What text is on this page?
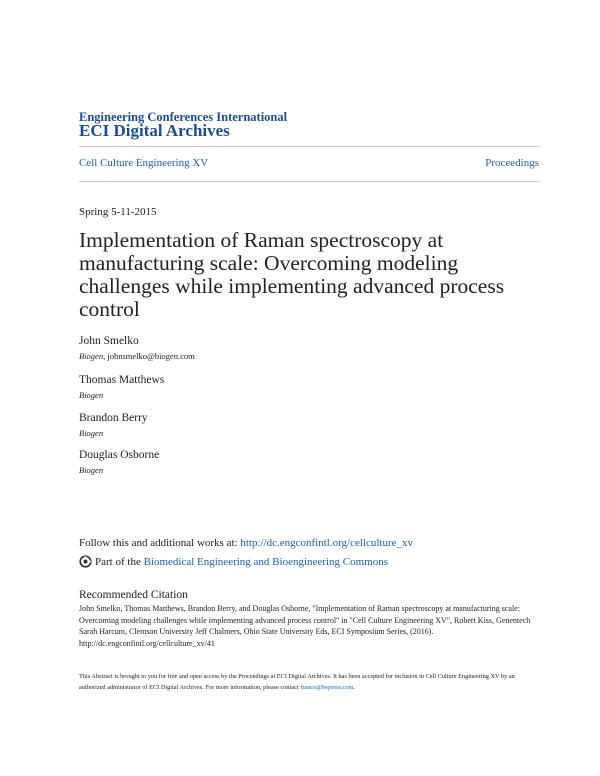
Engineering Conferences International
ECI Digital Archives
Cell Culture Engineering XV	Proceedings
Spring 5-11-2015
Implementation of Raman spectroscopy at manufacturing scale: Overcoming modeling challenges while implementing advanced process control
John Smelko
Biogen, johnsmelko@biogen.com
Thomas Matthews
Biogen
Brandon Berry
Biogen
Douglas Osborne
Biogen
Follow this and additional works at: http://dc.engconfintl.org/cellculture_xv
Part of the
Biomedical Engineering and Bioengineering Commons
Recommended Citation
John Smelko, Thomas Matthews, Brandon Berry, and Douglas Osborne, "Implementation of Raman spectroscopy at manufacturing scale: Overcoming modeling challenges while implementing advanced process control" in "Cell Culture Engineering XV", Robert Kiss, Genentech Sarah Harcum, Clemson University Jeff Chalmers, Ohio State University Eds, ECI Symposium Series, (2016). http://dc.engconfintl.org/cellculture_xv/41
This Abstract is brought to you for free and open access by the Proceedings at ECI Digital Archives. It has been accepted for inclusion in Cell Culture Engineering XV by an authorized administrator of ECI Digital Archives. For more information, please contact franco@bepress.com.
